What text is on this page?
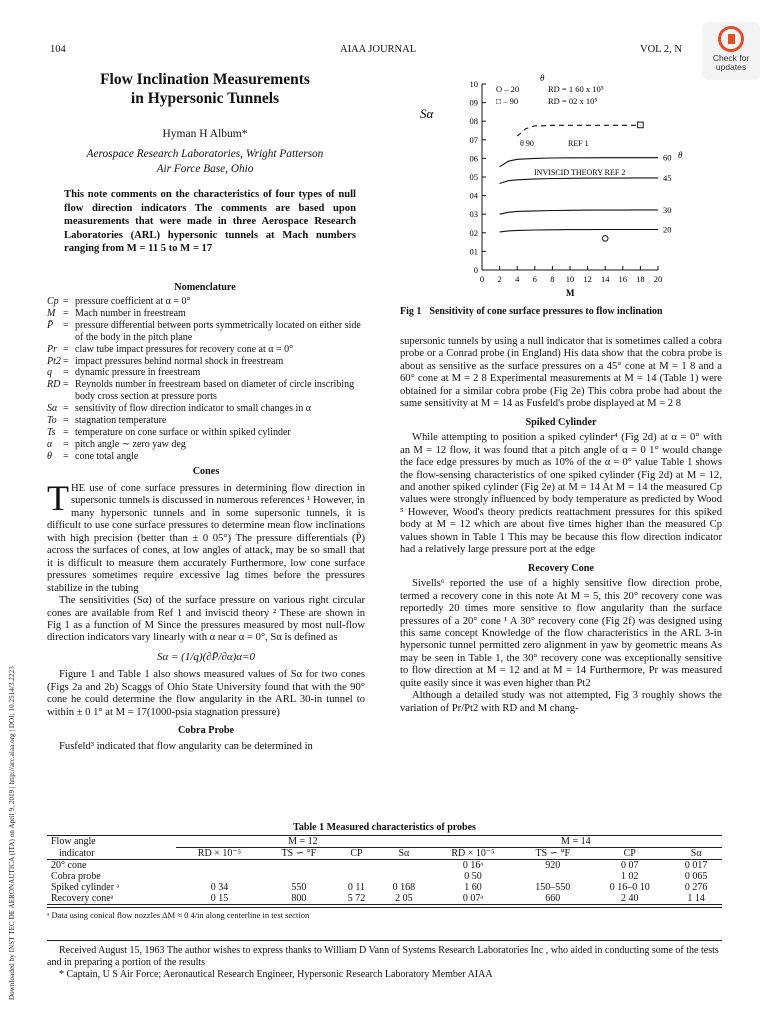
104	AIAA JOURNAL	VOL 2, N
Check for
updates
Downloaded by INST TEC DE AERONAUTICA (ITA) on April 9, 2019 | http://arc.aiaa.org | DOI: 10.2514/3.2223
Flow Inclination Measurements
in Hypersonic Tunnels
Hyman H Album*
Aerospace Research Laboratories, Wright Patterson
Air Force Base, Ohio

This note comments on the characteristics of four types of null flow direction indicators The comments are based upon measurements that were made in three Aerospace Research Laboratories (ARL) hypersonic tunnels at Mach numbers ranging from M = 11 5 to M = 17

Nomenclature
Cp = pressure coefficient at α = 0°
M = Mach number in freestream
P̄ = pressure differential between ports symmetrically located on either side of the body in the pitch plane
Pr = claw tube impact pressures for recovery cone at α = 0°
Pt2 = impact pressures behind normal shock in freestream
q	= dynamic pressure in freestream
RD = Reynolds number in freestream based on diameter of circle inscribing body cross section at pressure ports
Sα = sensitivity of flow direction indicator to small changes in α
To = stagnation temperature
Ts = temperature on cone surface or within spiked cylinder
α	= pitch angle ∼ zero yaw deg
θ	= cone total angle
Cones

THE use of cone surface pressures in determining flow direction in supersonic tunnels is discussed in numerous references ¹ However, in many hypersonic tunnels and in some supersonic tunnels, it is difficult to use cone surface pressures to determine mean flow inclinations with high precision (better than ± 0 05°) The pressure differentials (P̄) across the surfaces of cones, at low angles of attack, may be so small that it is difficult to measure them accurately Furthermore, low cone surface pressures sometimes require excessive lag times before the pressures stabilize in the tubing

The sensitivities (Sα) of the surface pressure on various right circular cones are available from Ref 1 and inviscid theory ² These are shown in Fig 1 as a function of M Since the pressures measured by most null-flow direction indicators vary linearly with α near α = 0°, Sα is defined as

Sα = (1/q)(∂P̄/∂α)α=0

Figure 1 and Table 1 also shows measured values of Sα for two cones (Figs 2a and 2b) Scaggs of Ohio State University found that with the 90° cone he could determine the flow angularity in the ARL 30-in tunnel to within ± 0 1° at M = 17(1000-psia stagnation pressure)

Cobra Probe

Fusfeld³ indicated that flow angularity can be determined in

0
01
02
03
04
05
06
07
08
09
10
0 2 4 6 8 10 12 14 16 18 20
60
45
30
20
Sα
M
θ
O – 20	RD = 1 60 x 10⁵
□ – 90	RD = 02 x 10⁵
INVISCID THEORY REF 2
θ 90	REF 1
θ
Fig 1 Sensitivity of cone surface pressures to flow inclination

supersonic tunnels by using a null indicator that is sometimes called a cobra probe or a Conrad probe (in England) His data show that the cobra probe is about as sensitive as the surface pressures on a 45° cone at M = 1 8 and a 60° cone at M = 2 8 Experimental measurements at M = 14 (Table 1) were obtained for a similar cobra probe (Fig 2e) This cobra probe had about the same sensitivity at M = 14 as Fusfeld's probe displayed at M = 2 8

Spiked Cylinder

While attempting to position a spiked cylinder⁴ (Fig 2d) at α = 0° with an M = 12 flow, it was found that a pitch angle of α = 0 1° would change the face edge pressures by much as 10% of the α = 0° value Table 1 shows the flow-sensing characteristics of one spiked cylinder (Fig 2d) at M = 12, and another spiked cylinder (Fig 2e) at M = 14 At M = 14 the measured Cp values were strongly influenced by body temperature as predicted by Wood ⁵ However, Wood's theory predicts reattachment pressures for this spiked body at M = 12 which are about five times higher than the measured Cp values shown in Table 1 This may be because this flow direction indicator had a relatively large pressure port at the edge

Recovery Cone

Sivells⁶ reported the use of a highly sensitive flow direction probe, termed a recovery cone in this note At M = 5, this 20° recovery cone was reportedly 20 times more sensitive to flow angularity than the surface pressures of a 20° cone ¹ A 30° recovery cone (Fig 2f) was designed using this same concept Knowledge of the flow characteristics in the ARL 3-in hypersonic tunnel permitted zero alignment in yaw by geometric means As may be seen in Table 1, the 30° recovery cone was exceptionally sensitive to flow direction at M = 12 and at M = 14 Furthermore, Pr was measured quite easily since it was even higher than Pt2

Although a detailed study was not attempted, Fig 3 roughly shows the variation of Pr/Pt2 with RD and M chang-

Table 1 Measured characteristics of probes
Flow angle	M = 12				M = 14			
indicator	RD × 10⁻⁵	TS ∽ °F	CP	Sα	RD × 10⁻⁵	TS ∽ °F	CP	Sα
20° cone					0 16ᵃ	920	0 07	0 017
Cobra probe					0 50		1 02	0 065
Spiked cylinder ᵃ	0 34	550	0 11	0 168	1 60	150–550	0 16–0 10	0 276
Recovery coneᵃ	0 15	800	5 72	2 05	0 07ᵃ	660	2 40	1 14
ᵃ Data using conical flow nozzles ΔM ≈ 0 4/in along centerline in test section
Received August 15, 1963 The author wishes to express thanks to William D Vann of Systems Research Laboratories Inc , who aided in conducting some of the tests and in preparing a portion of the results
* Captain, U S Air Force; Aeronautical Research Engineer, Hypersonic Research Laboratory Member AIAA
